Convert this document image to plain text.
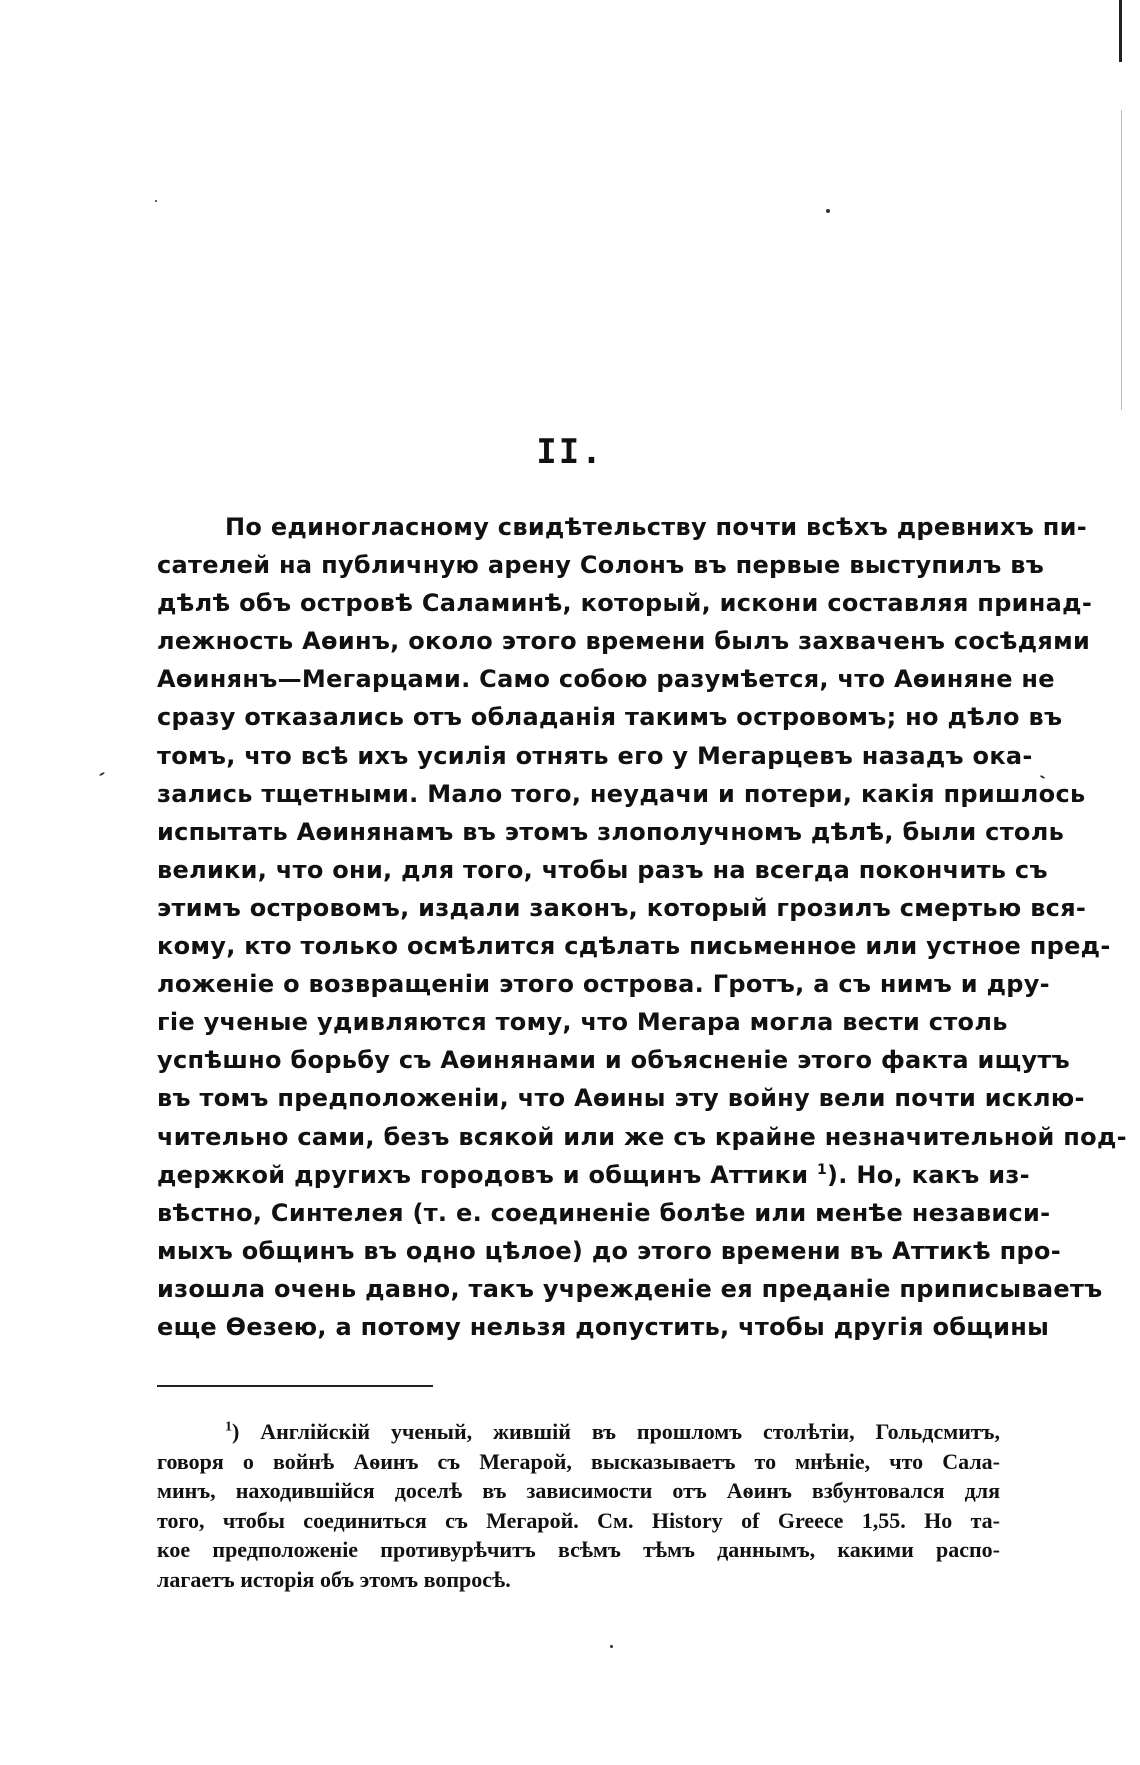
II.
По единогласному свидѣтельству почти всѣхъ древнихъ пи-
сателей на публичную арену Солонъ въ первые выступилъ въ
дѣлѣ объ островѣ Саламинѣ, который, искони составляя принад-
лежность Аѳинъ, около этого времени былъ захваченъ сосѣдями
Аѳинянъ—Мегарцами. Само собою разумѣется, что Аѳиняне не
сразу отказались отъ обладанія такимъ островомъ; но дѣло въ
томъ, что всѣ ихъ усилія отнять его у Мегарцевъ назадъ ока-
зались тщетными. Мало того, неудачи и потери, какія пришлось
испытать Аѳинянамъ въ этомъ злополучномъ дѣлѣ, были столь
велики, что они, для того, чтобы разъ на всегда покончить съ
этимъ островомъ, издали законъ, который грозилъ смертью вся-
кому, кто только осмѣлится сдѣлать письменное или устное пред-
ложеніе о возвращеніи этого острова. Гротъ, а съ нимъ и дру-
гіе ученые удивляются тому, что Мегара могла вести столь
успѣшно борьбу съ Аѳинянами и объясненіе этого факта ищутъ
въ томъ предположеніи, что Аѳины эту войну вели почти исклю-
чительно сами, безъ всякой или же съ крайне незначительной под-
держкой другихъ городовъ и общинъ Аттики $^1$). Но, какъ из-
вѣстно, Синтелея (т. е. соединеніе болѣе или менѣе независи-
мыхъ общинъ въ одно цѣлое) до этого времени въ Аттикѣ про-
изошла очень давно, такъ учрежденіе ея преданіе приписываетъ
еще Ѳезею, а потому нельзя допустить, чтобы другія общины
$^1$) Англійскій ученый, жившій въ прошломъ столѣтіи, Гольдсмитъ,
говоря о войнѣ Аѳинъ съ Мегарой, высказываетъ то мнѣніе, что Сала-
минъ, находившійся доселѣ въ зависимости отъ Аѳинъ взбунтовался для
того, чтобы соединиться съ Мегарой. См. History of Greece 1,55. Но та-
кое предположеніе противурѣчитъ всѣмъ тѣмъ даннымъ, какими распо-
лагаетъ исторія объ этомъ вопросѣ.
